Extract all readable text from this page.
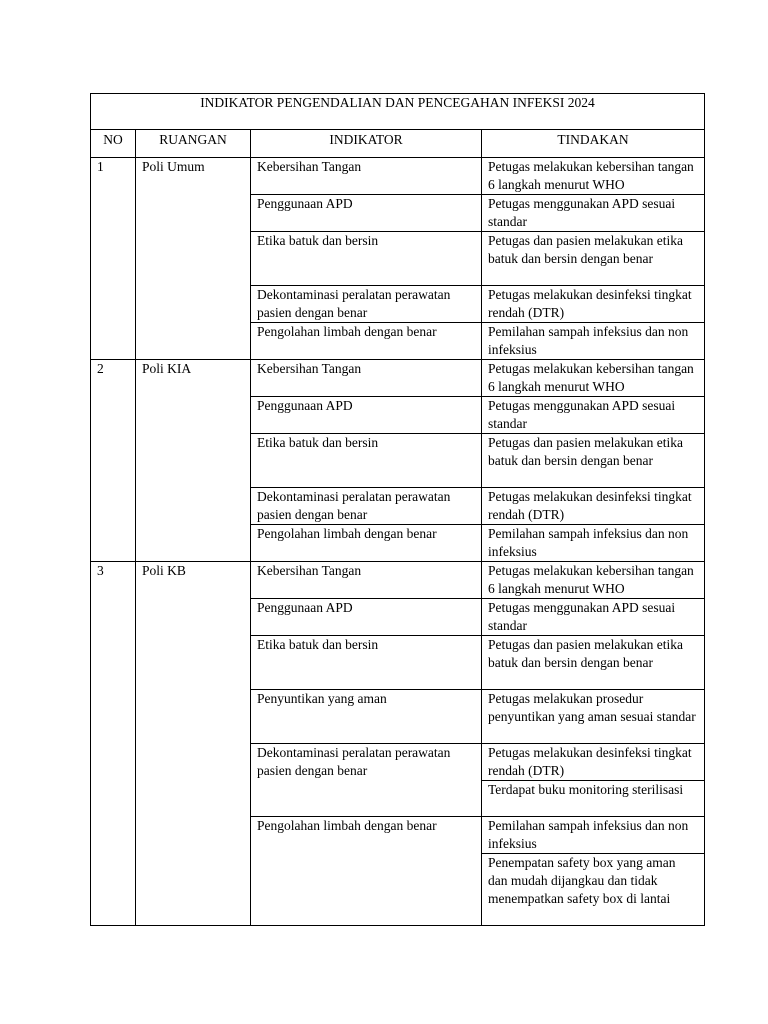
INDIKATOR PENGENDALIAN DAN PENCEGAHAN INFEKSI 2024			
NO	RUANGAN	INDIKATOR	TINDAKAN
1	Poli Umum	Kebersihan Tangan	Petugas melakukan kebersihan tangan 6 langkah menurut WHO
		Penggunaan APD	Petugas menggunakan APD sesuai standar
		Etika batuk dan bersin	Petugas dan pasien melakukan etika batuk dan bersin dengan benar
		Dekontaminasi peralatan perawatan pasien dengan benar	Petugas melakukan desinfeksi tingkat rendah (DTR)
		Pengolahan limbah dengan benar	Pemilahan sampah infeksius dan non infeksius
2	Poli KIA	Kebersihan Tangan	Petugas melakukan kebersihan tangan 6 langkah menurut WHO
		Penggunaan APD	Petugas menggunakan APD sesuai standar
		Etika batuk dan bersin	Petugas dan pasien melakukan etika batuk dan bersin dengan benar
		Dekontaminasi peralatan perawatan pasien dengan benar	Petugas melakukan desinfeksi tingkat rendah (DTR)
		Pengolahan limbah dengan benar	Pemilahan sampah infeksius dan non infeksius
3	Poli KB	Kebersihan Tangan	Petugas melakukan kebersihan tangan 6 langkah menurut WHO
		Penggunaan APD	Petugas menggunakan APD sesuai standar
		Etika batuk dan bersin	Petugas dan pasien melakukan etika batuk dan bersin dengan benar
		Penyuntikan yang aman	Petugas melakukan prosedur penyuntikan yang aman sesuai standar
		Dekontaminasi peralatan perawatan pasien dengan benar	Petugas melakukan desinfeksi tingkat rendah (DTR)
			Terdapat buku monitoring sterilisasi
		Pengolahan limbah dengan benar	Pemilahan sampah infeksius dan non infeksius
			Penempatan safety box yang aman dan mudah dijangkau dan tidak menempatkan safety box di lantai
